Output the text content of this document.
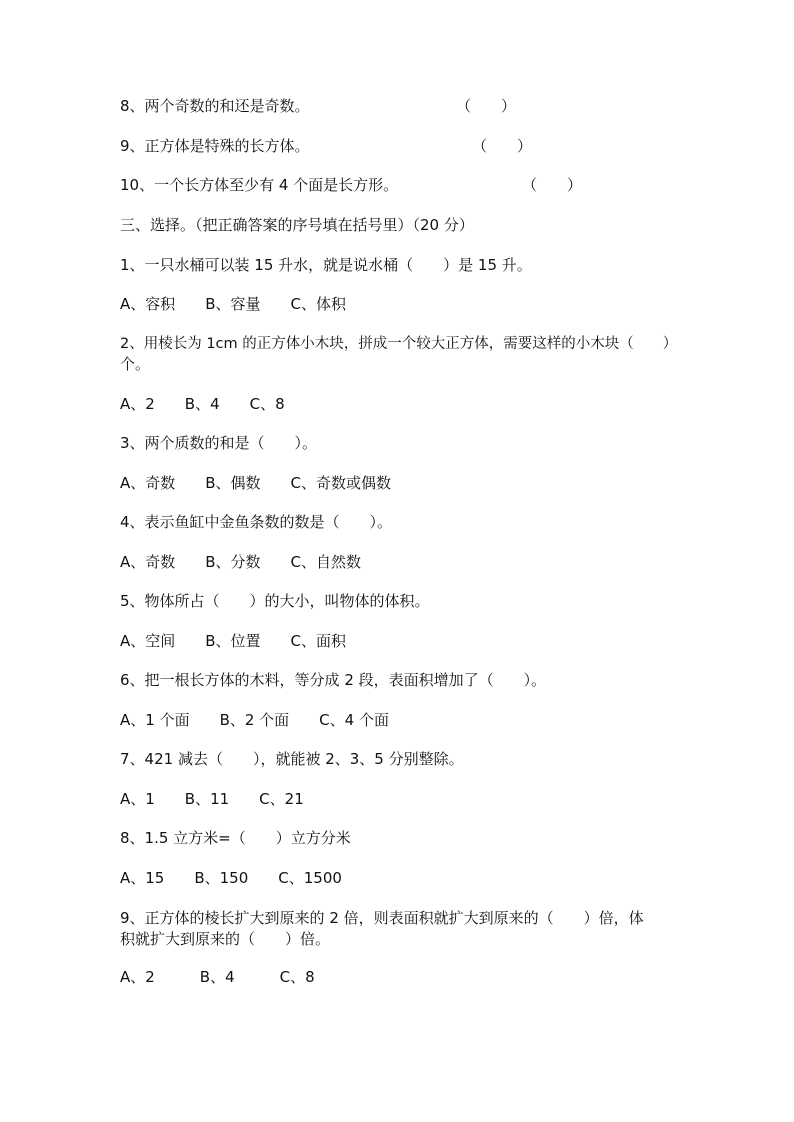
8、两个奇数的和还是奇数。	（　　）
9、正方体是特殊的长方体。	（　　）
10、一个长方体至少有 4 个面是长方形。	（　　）
三、选择。（把正确答案的序号填在括号里）（20 分）
1、一只水桶可以装 15 升水，就是说水桶（　　）是 15 升。
A、容积　　B、容量　　C、体积
2、用棱长为 1cm 的正方体小木块，拼成一个较大正方体，需要这样的小木块（　　）
个。
A、2　　B、4　　C、8
3、两个质数的和是（　　）。
A、奇数　　B、偶数　　C、奇数或偶数
4、表示鱼缸中金鱼条数的数是（　　）。
A、奇数　　B、分数　　C、自然数
5、物体所占（　　）的大小，叫物体的体积。
A、空间　　B、位置　　C、面积
6、把一根长方体的木料，等分成 2 段，表面积增加了（　　）。
A、1 个面　　B、2 个面　　C、4 个面
7、421 减去（　　），就能被 2、3、5 分别整除。
A、1　　B、11　　C、21
8、1.5 立方米=（　　）立方分米
A、15　　B、150　　C、1500
9、正方体的棱长扩大到原来的 2 倍，则表面积就扩大到原来的（　　）倍，体
积就扩大到原来的（　　）倍。
A、2　　　B、4　　　C、8
